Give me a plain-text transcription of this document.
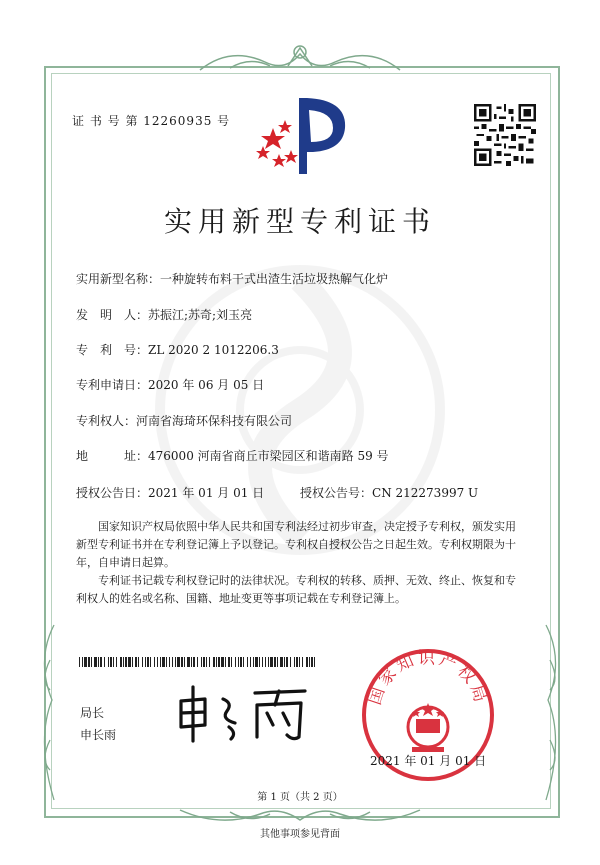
证 书 号 第 12260935 号
实用新型专利证书
实用新型名称：一种旋转布料干式出渣生活垃圾热解气化炉
发　明　人：苏振江;苏奇;刘玉亮
专　利　号：ZL 2020 2 1012206.3
专利申请日：2020 年 06 月 05 日
专利权人：河南省海琦环保科技有限公司
地　　　址：476000 河南省商丘市梁园区和谐南路 59 号
授权公告日：2021 年 01 月 01 日	授权公告号：CN 212273997 U

国家知识产权局依照中华人民共和国专利法经过初步审查，决定授予专利权，颁发实用新型专利证书并在专利登记簿上予以登记。专利权自授权公告之日起生效。专利权期限为十年，自申请日起算。

专利证书记载专利权登记时的法律状况。专利权的转移、质押、无效、终止、恢复和专利权人的姓名或名称、国籍、地址变更等事项记载在专利登记簿上。

局长
申长雨
国家知识产权局
2021 年 01 月 01 日
第 1 页（共 2 页）
其他事项参见背面
